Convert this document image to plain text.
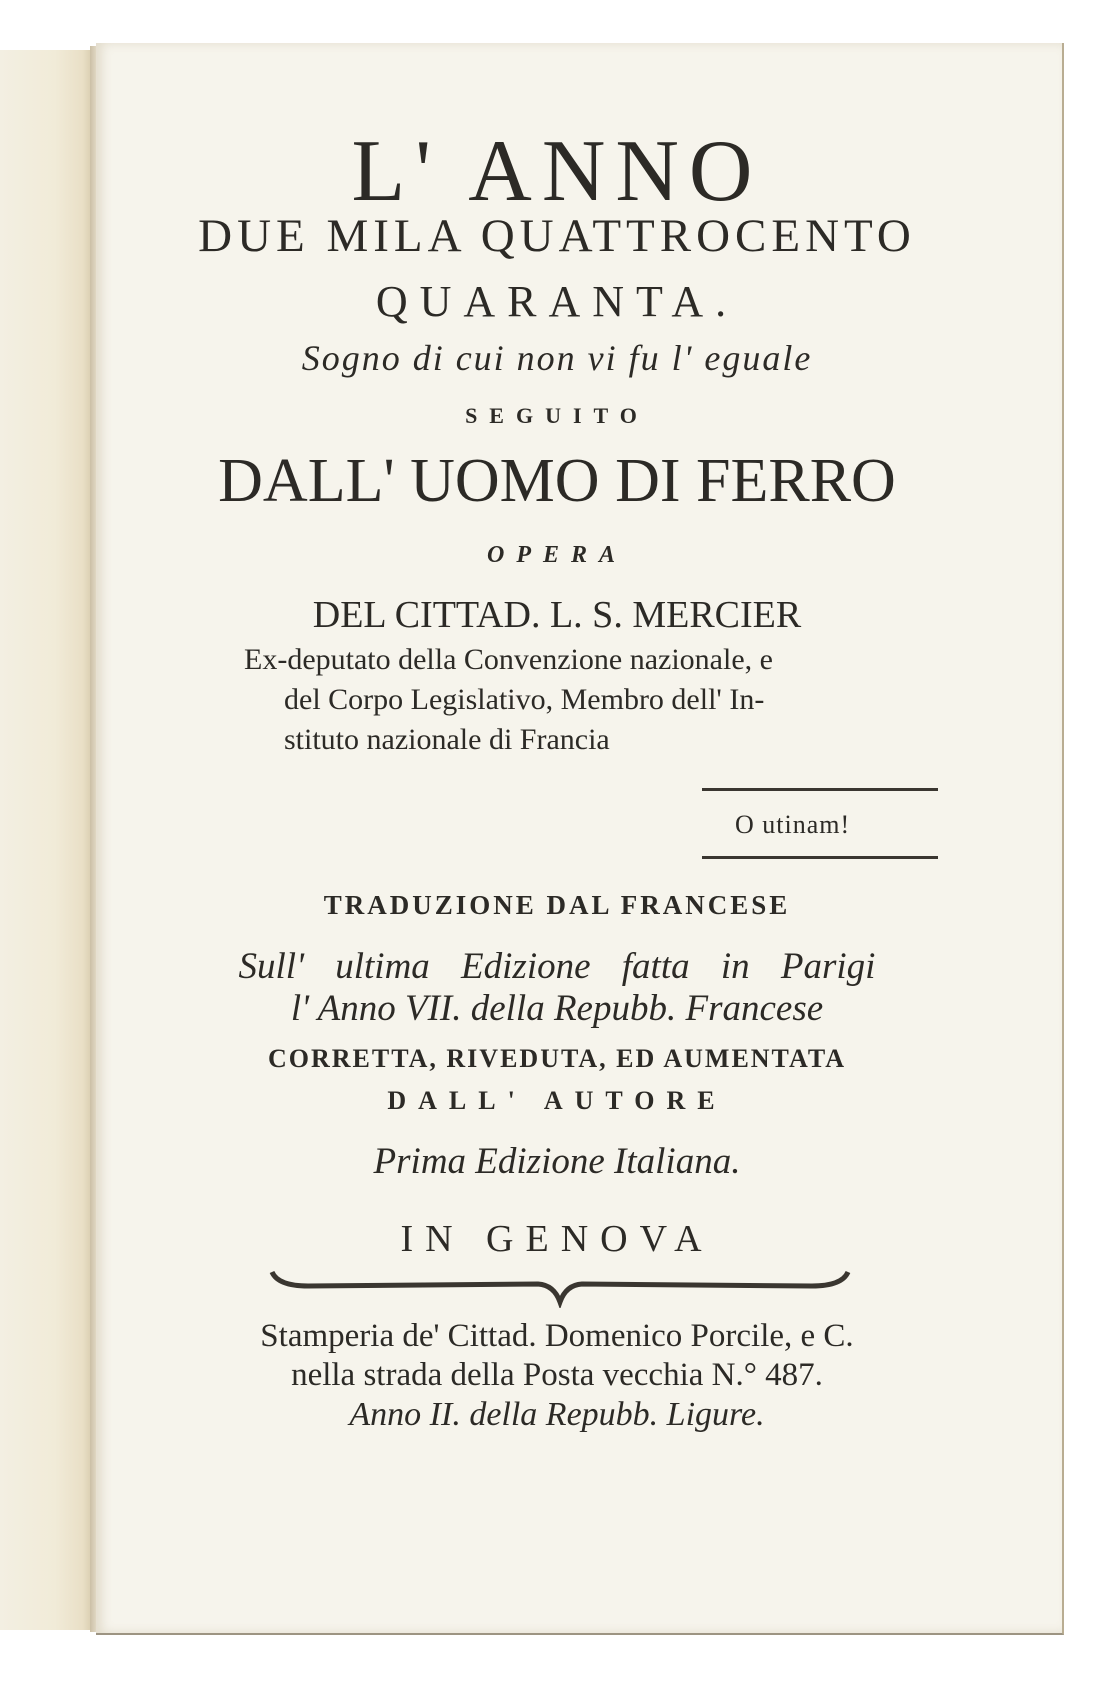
L' ANNO
DUE MILA QUATTROCENTO
QUARANTA.
Sogno di cui non vi fu l' eguale
SEGUITO
DALL' UOMO DI FERRO
OPERA
DEL CITTAD. L. S. MERCIER
Ex-deputato della Convenzione nazionale, e
del Corpo Legislativo, Membro dell' In-
stituto nazionale di Francia
O utinam!
TRADUZIONE DAL FRANCESE
Sull' ultima Edizione fatta in Parigi
l' Anno VII. della Repubb. Francese
CORRETTA, RIVEDUTA, ED AUMENTATA
DALL' AUTORE
Prima Edizione Italiana.
IN GENOVA
Stamperia de' Cittad. Domenico Porcile, e C.
nella strada della Posta vecchia N.° 487.
Anno II. della Repubb. Ligure.
